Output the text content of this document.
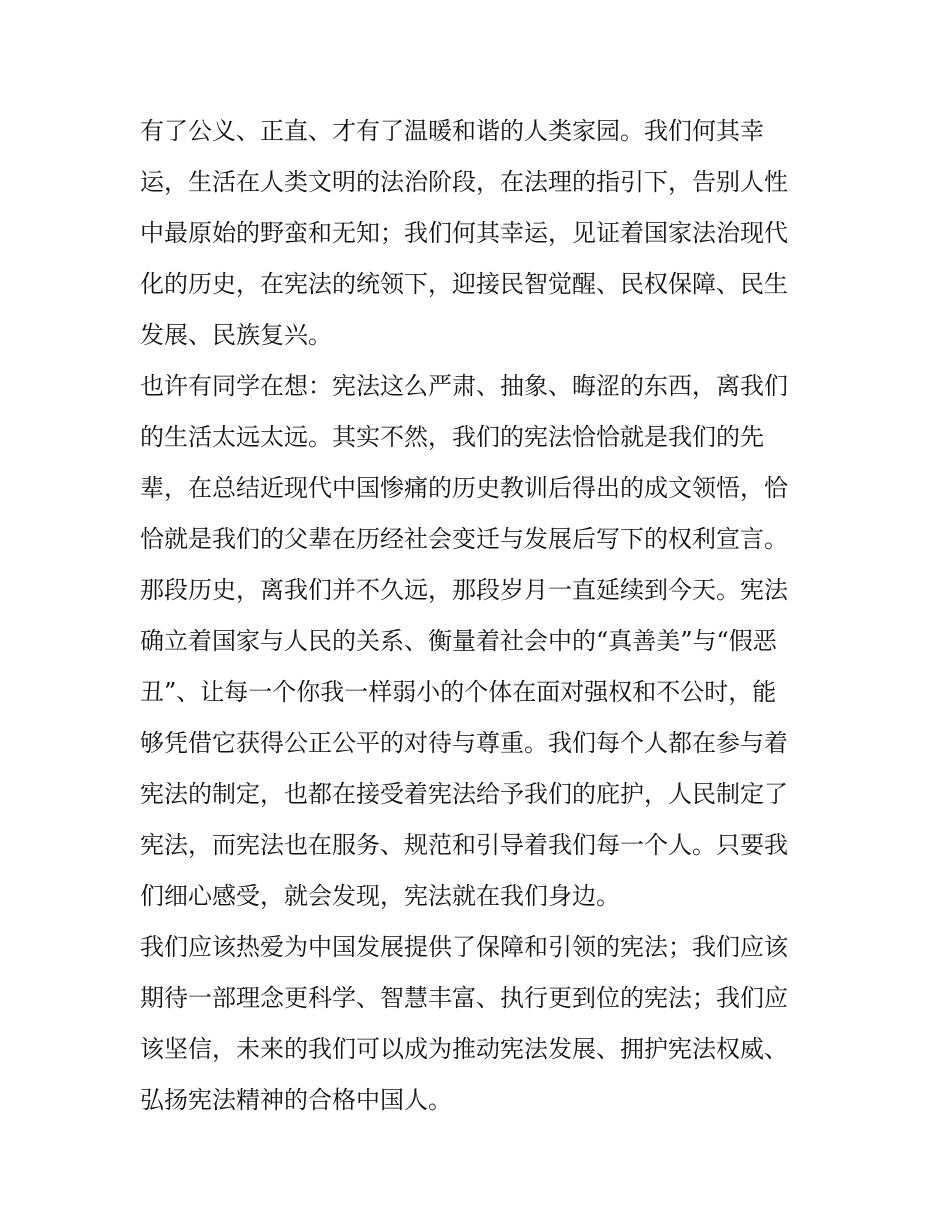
有了公义、正直、才有了温暖和谐的人类家园。我们何其幸
运，生活在人类文明的法治阶段，在法理的指引下，告别人性
中最原始的野蛮和无知；我们何其幸运，见证着国家法治现代
化的历史，在宪法的统领下，迎接民智觉醒、民权保障、民生
发展、民族复兴。
也许有同学在想：宪法这么严肃、抽象、晦涩的东西，离我们
的生活太远太远。其实不然，我们的宪法恰恰就是我们的先
辈，在总结近现代中国惨痛的历史教训后得出的成文领悟，恰
恰就是我们的父辈在历经社会变迁与发展后写下的权利宣言。
那段历史，离我们并不久远，那段岁月一直延续到今天。宪法
确立着国家与人民的关系、衡量着社会中的“真善美”与“假恶
丑”、让每一个你我一样弱小的个体在面对强权和不公时，能
够凭借它获得公正公平的对待与尊重。我们每个人都在参与着
宪法的制定，也都在接受着宪法给予我们的庇护，人民制定了
宪法，而宪法也在服务、规范和引导着我们每一个人。只要我
们细心感受，就会发现，宪法就在我们身边。
我们应该热爱为中国发展提供了保障和引领的宪法；我们应该
期待一部理念更科学、智慧丰富、执行更到位的宪法；我们应
该坚信，未来的我们可以成为推动宪法发展、拥护宪法权威、
弘扬宪法精神的合格中国人。
